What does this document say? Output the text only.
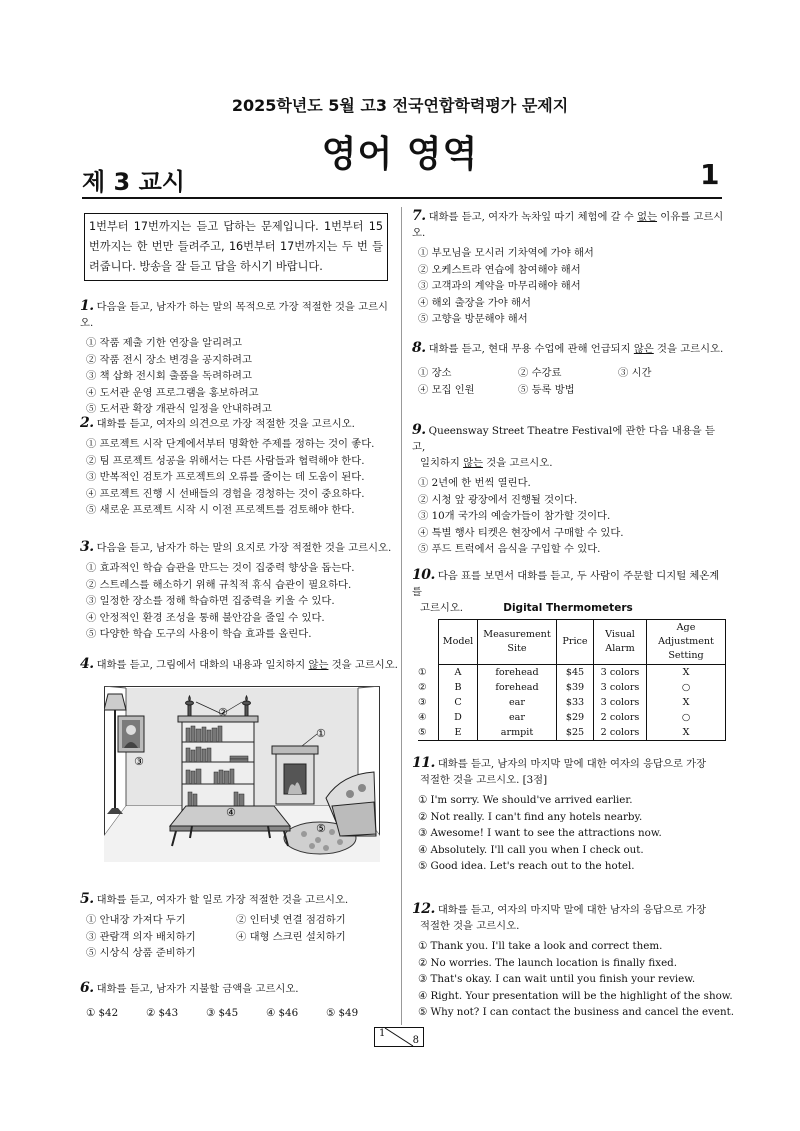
2025학년도 5월 고3 전국연합학력평가 문제지
영어 영역
제 3 교시	1
1번부터 17번까지는 듣고 답하는 문제입니다. 1번부터 15번까지는 한 번만 들려주고, 16번부터 17번까지는 두 번 들려줍니다. 방송을 잘 듣고 답을 하시기 바랍니다.
1. 다음을 듣고, 남자가 하는 말의 목적으로 가장 적절한 것을 고르시오.
① 작품 제출 기한 연장을 알리려고
② 작품 전시 장소 변경을 공지하려고
③ 책 삽화 전시회 출품을 독려하려고
④ 도서관 운영 프로그램을 홍보하려고
⑤ 도서관 확장 개관식 일정을 안내하려고
2. 대화를 듣고, 여자의 의견으로 가장 적절한 것을 고르시오.
① 프로젝트 시작 단계에서부터 명확한 주제를 정하는 것이 좋다.
② 팀 프로젝트 성공을 위해서는 다른 사람들과 협력해야 한다.
③ 반복적인 검토가 프로젝트의 오류를 줄이는 데 도움이 된다.
④ 프로젝트 진행 시 선배들의 경험을 경청하는 것이 중요하다.
⑤ 새로운 프로젝트 시작 시 이전 프로젝트를 검토해야 한다.
3. 다음을 듣고, 남자가 하는 말의 요지로 가장 적절한 것을 고르시오.
① 효과적인 학습 습관을 만드는 것이 집중력 향상을 돕는다.
② 스트레스를 해소하기 위해 규칙적 휴식 습관이 필요하다.
③ 일정한 장소를 정해 학습하면 집중력을 키울 수 있다.
④ 안정적인 환경 조성을 통해 불안감을 줄일 수 있다.
⑤ 다양한 학습 도구의 사용이 학습 효과를 올린다.
4. 대화를 듣고, 그림에서 대화의 내용과 일치하지 않는 것을 고르시오.
②
①
③
④
⑤
5. 대화를 듣고, 여자가 할 일로 가장 적절한 것을 고르시오.
① 안내장 가져다 두기	② 인터넷 연결 점검하기
③ 관람객 의자 배치하기	④ 대형 스크린 설치하기
⑤ 시상식 상품 준비하기
6. 대화를 듣고, 남자가 지불할 금액을 고르시오.
① $42	② $43	③ $45	④ $46	⑤ $49
7. 대화를 듣고, 여자가 녹차잎 따기 체험에 갈 수 없는 이유를 고르시오.
① 부모님을 모시러 기차역에 가야 해서
② 오케스트라 연습에 참여해야 해서
③ 고객과의 계약을 마무리해야 해서
④ 해외 출장을 가야 해서
⑤ 고향을 방문해야 해서
8. 대화를 듣고, 현대 무용 수업에 관해 언급되지 않은 것을 고르시오.
① 장소	② 수강료	③ 시간
④ 모집 인원	⑤ 등록 방법
9. Queensway Street Theatre Festival에 관한 다음 내용을 듣고,
일치하지 않는 것을 고르시오.
① 2년에 한 번씩 열린다.
② 시청 앞 광장에서 진행될 것이다.
③ 10개 국가의 예술가들이 참가할 것이다.
④ 특별 행사 티켓은 현장에서 구매할 수 있다.
⑤ 푸드 트럭에서 음식을 구입할 수 있다.
10. 다음 표를 보면서 대화를 듣고, 두 사람이 주문할 디지털 체온계를
고르시오.	Digital Thermometers
	Model	Measurement Site	Price	Visual Alarm	Age Adjustment Setting
①	A	forehead	$45	3 colors	X
②	B	forehead	$39	3 colors	○
③	C	ear	$33	3 colors	X
④	D	ear	$29	2 colors	○
⑤	E	armpit	$25	2 colors	X
11. 대화를 듣고, 남자의 마지막 말에 대한 여자의 응답으로 가장
적절한 것을 고르시오. [3점]
① I'm sorry. We should've arrived earlier.
② Not really. I can't find any hotels nearby.
③ Awesome! I want to see the attractions now.
④ Absolutely. I'll call you when I check out.
⑤ Good idea. Let's reach out to the hotel.
12. 대화를 듣고, 여자의 마지막 말에 대한 남자의 응답으로 가장
적절한 것을 고르시오.
① Thank you. I'll take a look and correct them.
② No worries. The launch location is finally fixed.
③ That's okay. I can wait until you finish your review.
④ Right. Your presentation will be the highlight of the show.
⑤ Why not? I can contact the business and cancel the event.
1
8
